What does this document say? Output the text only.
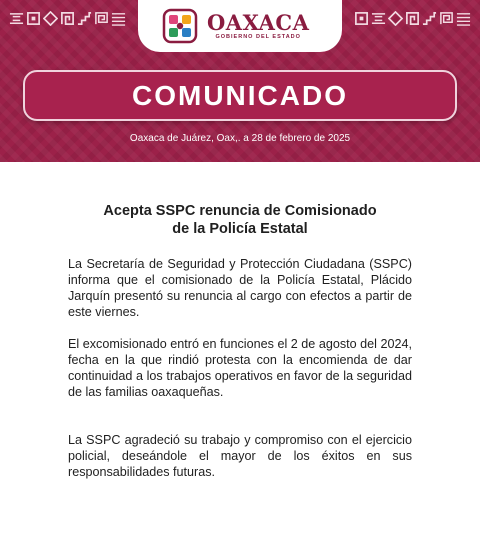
OAXACA
GOBIERNO DEL ESTADO
COMUNICADO
Oaxaca de Juárez, Oax,. a 28 de febrero de 2025
Acepta SSPC renuncia de Comisionado
de la Policía Estatal

La Secretaría de Seguridad y Protección Ciudadana (SSPC) informa que el comisionado de la Policía Estatal, Plácido Jarquín presentó su renuncia al cargo con efectos a partir de este viernes.

El excomisionado entró en funciones el 2 de agosto del 2024, fecha en la que rindió protesta con la encomienda de dar continuidad a los trabajos operativos en favor de la seguridad de las familias oaxaqueñas.

La SSPC agradeció su trabajo y compromiso con el ejercicio policial, deseándole el mayor de los éxitos en sus responsabilidades futuras.
